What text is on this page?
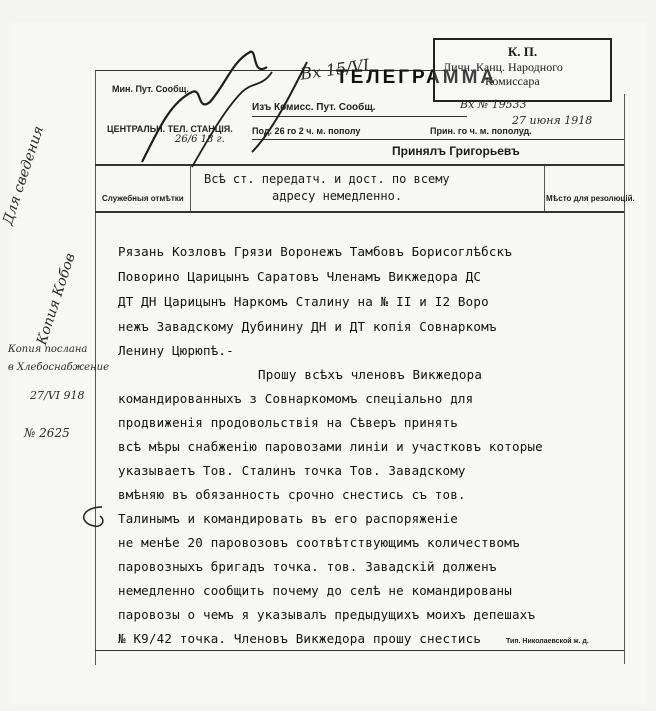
Мин. Пут. Сообщ.
ЦЕНТРАЛЬН. ТЕЛ. СТАНЦІЯ.
26/6 18 г.
ТЕЛЕГРАММА
Изъ Комисс. Пут. Сообщ.
Под. 26 го 2 ч. м. пополу	Прин. го ч. м. пополуд.
Принялъ Григорьевъ
К. П.
Личн. Канц. Народного
Комиссара
Вх № 19533
27 июня 1918
Служебныя отмѣтки	Мѣсто для резолюцій.
Всѣ ст. передатч. и дост. по всему
адресу немедленно.
Рязань Козловъ Грязи Воронежъ Тамбовъ Борисоглѣбскъ
Поворино Царицынъ Саратовъ Членамъ Викжедора ДС
ДТ ДН Царицынъ Наркомъ Сталину на № II и I2 Воро
нежъ Завадскому Дубинину ДН и ДТ копія Совнаркомъ
Ленину Цюрюпѣ.-
Прошу всѣхъ членовъ Викжедора
командированныхъ з Совнаркомомъ спеціально для
продвиженія продовольствія на Сѣверъ принять
всѣ мѣры снабженію паровозами линіи и участковъ которые
указываетъ Тов. Сталинъ точка Тов. Завадскому
вмѣняю въ обязанность срочно снестись съ тов.
Талинымъ и командировать въ его распоряженіе
не менѣе 20 паровозовъ соотвѣтствующимъ количествомъ
паровозныхъ бригадъ точка. тов. Завадскій долженъ
немедленно сообщить почему до селѣ не командированы
паровозы о чемъ я указывалъ предыдущихъ моихъ депешахъ
№ К9/42 точка. Членовъ Викжедора прошу снестись	Тип. Николаевской ж. д.
Для сведения
Копия Кобов
Копия послана
в Хлебоснабжение
27/VI 918
№ 2625
Вх 15/VI
